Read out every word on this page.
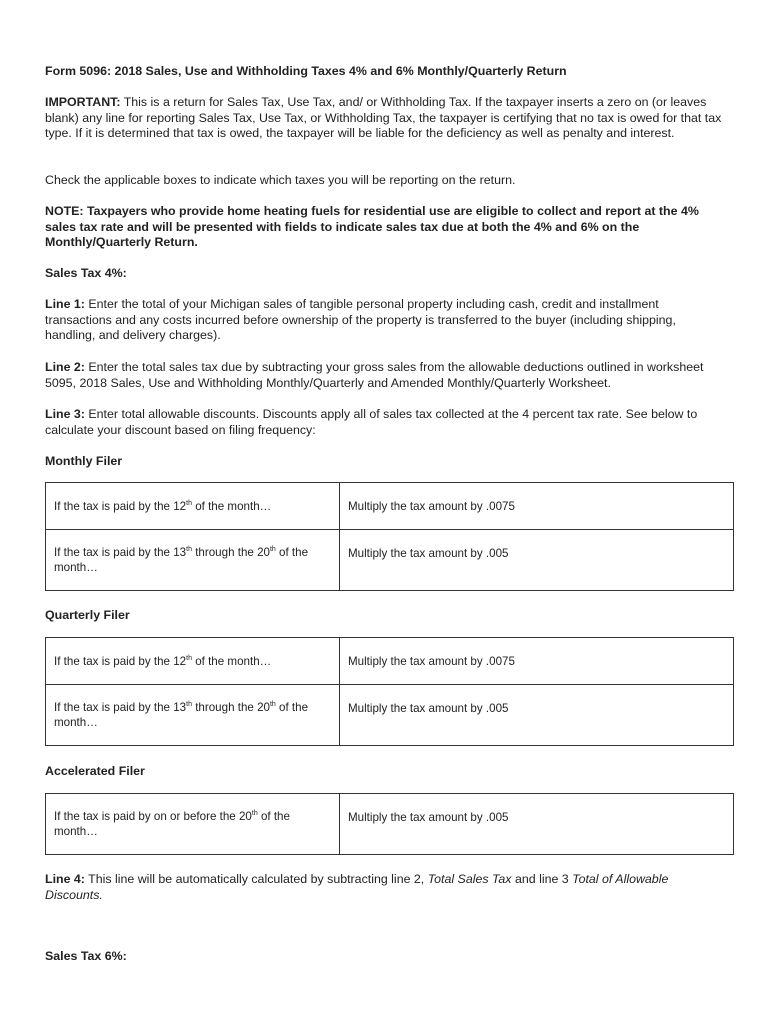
Form 5096: 2018 Sales, Use and Withholding Taxes 4% and 6% Monthly/Quarterly Return

IMPORTANT: This is a return for Sales Tax, Use Tax, and/ or Withholding Tax. If the taxpayer inserts a zero on (or leaves blank) any line for reporting Sales Tax, Use Tax, or Withholding Tax, the taxpayer is certifying that no tax is owed for that tax type. If it is determined that tax is owed, the taxpayer will be liable for the deficiency as well as penalty and interest.

Check the applicable boxes to indicate which taxes you will be reporting on the return.

NOTE: Taxpayers who provide home heating fuels for residential use are eligible to collect and report at the 4% sales tax rate and will be presented with fields to indicate sales tax due at both the 4% and 6% on the Monthly/Quarterly Return.

Sales Tax 4%:

Line 1: Enter the total of your Michigan sales of tangible personal property including cash, credit and installment transactions and any costs incurred before ownership of the property is transferred to the buyer (including shipping, handling, and delivery charges).

Line 2: Enter the total sales tax due by subtracting your gross sales from the allowable deductions outlined in worksheet 5095, 2018 Sales, Use and Withholding Monthly/Quarterly and Amended Monthly/Quarterly Worksheet.

Line 3: Enter total allowable discounts. Discounts apply all of sales tax collected at the 4 percent tax rate. See below to calculate your discount based on filing frequency:

Monthly Filer

If the tax is paid by the 12th of the month…	Multiply the tax amount by .0075
If the tax is paid by the 13th through the 20th of the month…	Multiply the tax amount by .005

Quarterly Filer

If the tax is paid by the 12th of the month…	Multiply the tax amount by .0075
If the tax is paid by the 13th through the 20th of the month…	Multiply the tax amount by .005

Accelerated Filer

If the tax is paid by on or before the 20th of the month…	Multiply the tax amount by .005

Line 4: This line will be automatically calculated by subtracting line 2, Total Sales Tax and line 3 Total of Allowable Discounts.

Sales Tax 6%:
